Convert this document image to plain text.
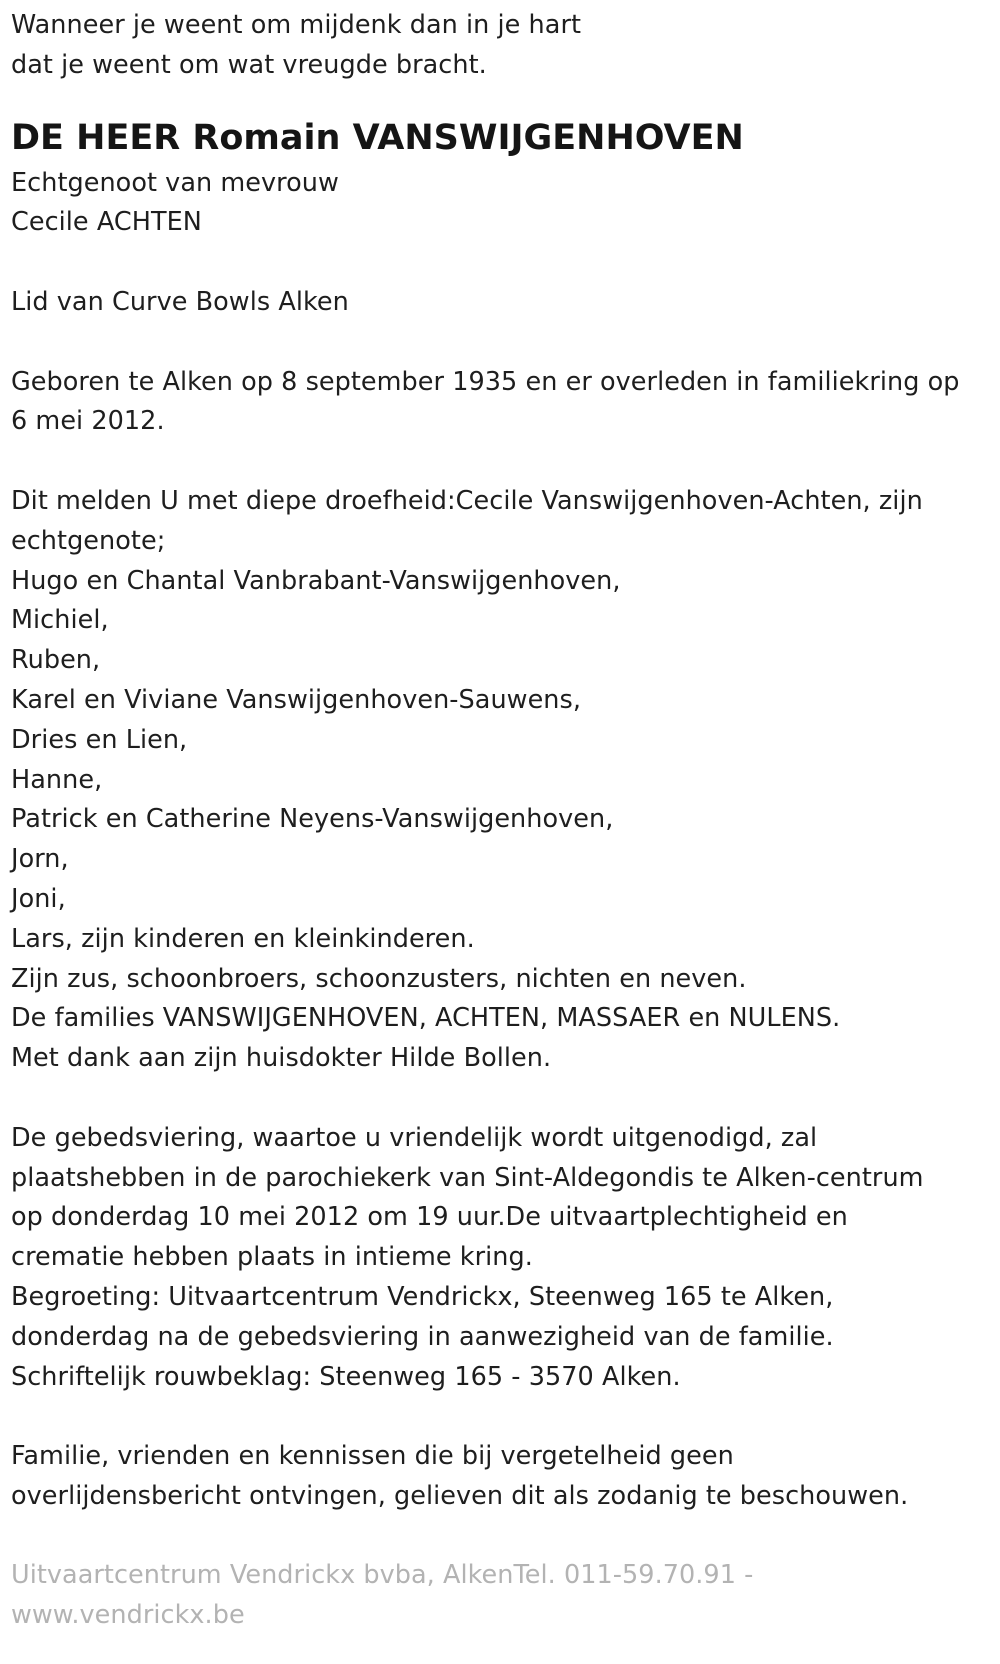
Wanneer je weent om mijdenk dan in je hart
dat je weent om wat vreugde bracht.
DE HEER Romain VANSWIJGENHOVEN
Echtgenoot van mevrouw
Cecile ACHTEN
Lid van Curve Bowls Alken
Geboren te Alken op 8 september 1935 en er overleden in familiekring op
6 mei 2012.
Dit melden U met diepe droefheid:Cecile Vanswijgenhoven-Achten, zijn
echtgenote;
Hugo en Chantal Vanbrabant-Vanswijgenhoven,
Michiel,
Ruben,
Karel en Viviane Vanswijgenhoven-Sauwens,
Dries en Lien,
Hanne,
Patrick en Catherine Neyens-Vanswijgenhoven,
Jorn,
Joni,
Lars, zijn kinderen en kleinkinderen.
Zijn zus, schoonbroers, schoonzusters, nichten en neven.
De families VANSWIJGENHOVEN, ACHTEN, MASSAER en NULENS.
Met dank aan zijn huisdokter Hilde Bollen.
De gebedsviering, waartoe u vriendelijk wordt uitgenodigd, zal
plaatshebben in de parochiekerk van Sint-Aldegondis te Alken-centrum
op donderdag 10 mei 2012 om 19 uur.De uitvaartplechtigheid en
crematie hebben plaats in intieme kring.
Begroeting: Uitvaartcentrum Vendrickx, Steenweg 165 te Alken,
donderdag na de gebedsviering in aanwezigheid van de familie.
Schriftelijk rouwbeklag: Steenweg 165 - 3570 Alken.
Familie, vrienden en kennissen die bij vergetelheid geen
overlijdensbericht ontvingen, gelieven dit als zodanig te beschouwen.
Uitvaartcentrum Vendrickx bvba, AlkenTel. 011-59.70.91 -
www.vendrickx.be
